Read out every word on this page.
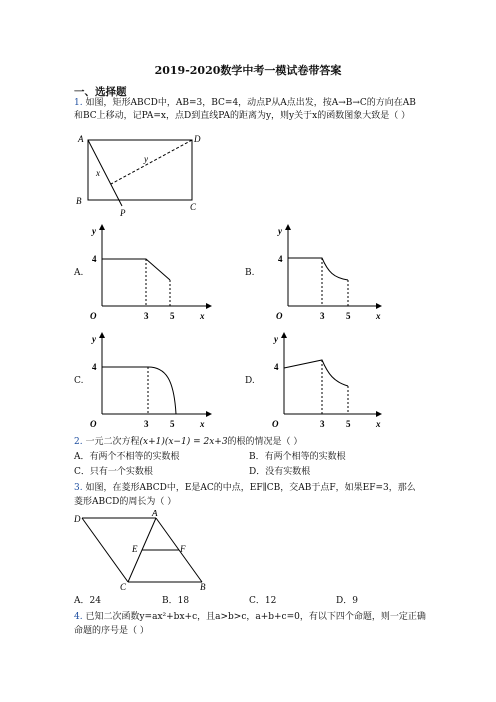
2019-2020数学中考一模试卷带答案
一、选择题
1. 如图，矩形ABCD中，AB=3，BC=4，动点P从A点出发，按A→B→C的方向在AB
和BC上移动，记PA=x，点D到直线PA的距离为y，则y关于x的函数图象大致是（ ）
A	D
B
C
P
x
y
A.
y
x
O
4
3 5
B.
y
x
O
4
3 5
C.
y
x
O
4
3 5
D.
y
x
O
4
3 5
2. 一元二次方程(x+1)(x−1) = 2x+3的根的情况是（ ）
A．有两个不相等的实数根	B．有两个相等的实数根
C．只有一个实数根	D．没有实数根
3. 如图，在菱形ABCD中，E是AC的中点，EF∥CB，交AB于点F，如果EF=3，那么
菱形ABCD的周长为（ ）
D
A
E	F
C	B
A．24	B．18	C．12	D．9
4. 已知二次函数y=ax²+bx+c，且a>b>c，a+b+c=0，有以下四个命题，则一定正确
命题的序号是（ ）
